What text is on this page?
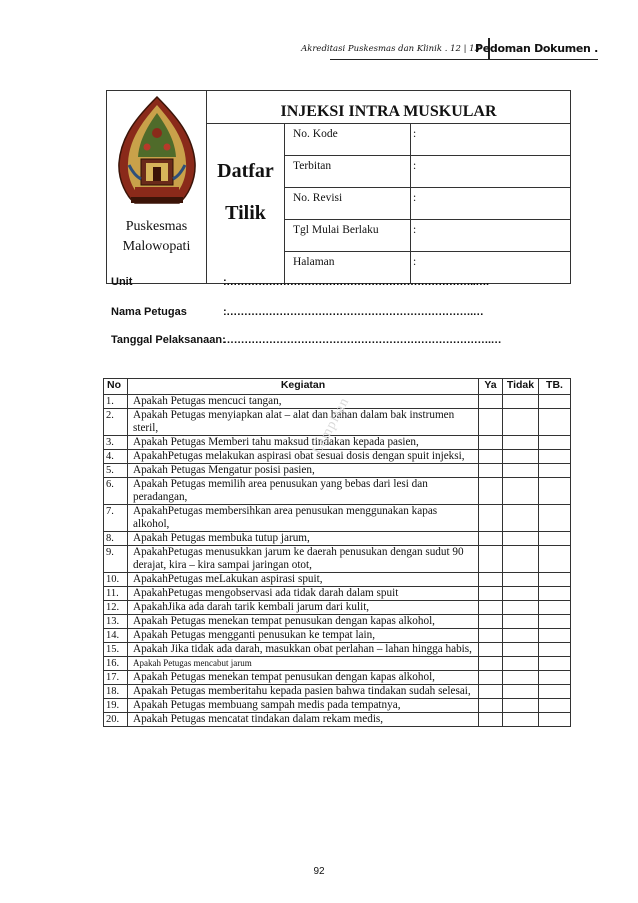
Akreditasi Puskesmas dan Klinik . 12 | 13
Pedoman Dokumen .
Puskesmas
Malowopati	INJEKSI INTRA MUSKULAR		

	Datfar
Tilik	No. Kode	:
		Terbitan	:
		No. Revisi	:
		Tgl Mulai Berlaku	:
		Halaman	:
Unit	:……………………………………………………………..….
Nama Petugas	:…………………………………………………………….…
Tanggal Pelaksanaan:
………………………………………………………………….…
No	Kegiatan	Ya	Tidak	TB.
1.	Apakah Petugas mencuci tangan,			
2.	Apakah Petugas menyiapkan alat – alat dan bahan dalam bak instrumen steril,			
3.	Apakah Petugas Memberi tahu maksud tindakan kepada pasien,			
4.	ApakahPetugas melakukan aspirasi obat sesuai dosis dengan spuit injeksi,			
5.	Apakah Petugas Mengatur posisi pasien,			
6.	Apakah Petugas memilih area penusukan yang bebas dari lesi dan peradangan,			
7.	ApakahPetugas membersihkan area penusukan menggunakan kapas alkohol,			
8.	Apakah Petugas membuka tutup jarum,			
9.	ApakahPetugas menusukkan jarum ke daerah penusukan dengan sudut 90 derajat, kira – kira sampai jaringan otot,			
10.	ApakahPetugas meLakukan aspirasi spuit,			
11.	ApakahPetugas mengobservasi ada tidak darah dalam spuit			
12.	ApakahJika ada darah tarik kembali jarum dari kulit,			
13.	Apakah Petugas menekan tempat penusukan dengan kapas alkohol,			
14.	Apakah Petugas mengganti penusukan ke tempat lain,			
15.	Apakah Jika tidak ada darah, masukkan obat perlahan – lahan hingga habis,			
16.	Apakah Petugas mencabut jarum			
17.	Apakah Petugas menekan tempat penusukan dengan kapas alkohol,			
18.	Apakah Petugas memberitahu kepada pasien bahwa tindakan sudah selesai,			
19.	Apakah Petugas membuang sampah medis pada tempatnya,			
20.	Apakah Petugas mencatat tindakan dalam rekam medis,			
Lampiran
92
